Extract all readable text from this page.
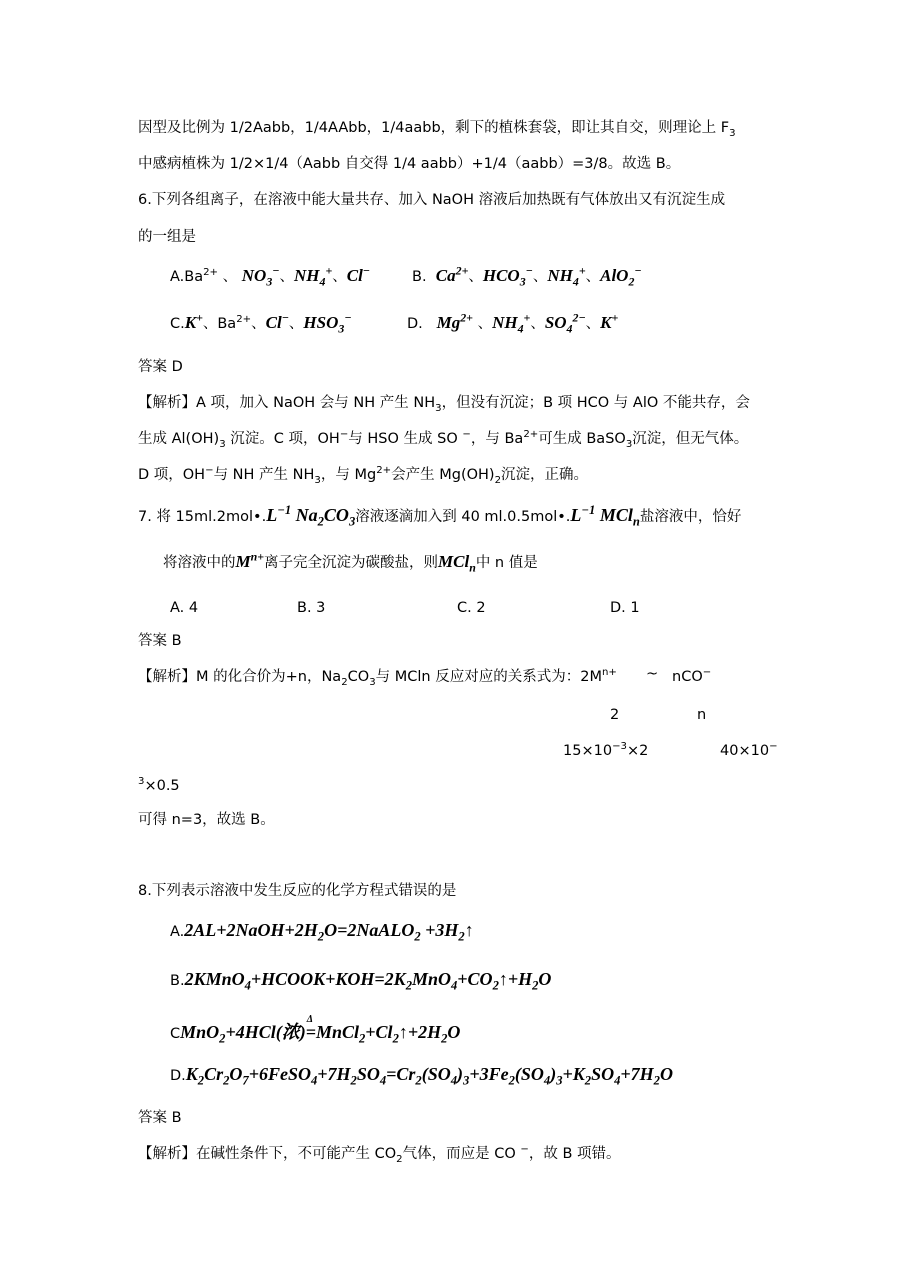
因型及比例为 1/2Aabb，1/4AAbb，1/4aabb，剩下的植株套袋，即让其自交，则理论上 $F_3$
中感病植株为 1/2×1/4（Aabb 自交得 1/4 aabb）+1/4（aabb）=3/8。故选 B。
6.下列各组离子，在溶液中能大量共存、加入 NaOH 溶液后加热既有气体放出又有沉淀生成
的一组是
$A.Ba^{2+}$ 、 $NO_3^-$、$NH_4^+$、Cl−	B. $Ca^{2+}$、$HCO_3^-$、$NH_4^+$、AlO$_2$−
C.K+、$Ba^{2+}$、Cl−、$HSO_3^-$	D. $Mg^{2+}$ 、$NH_4^+$、$SO_4^{2-}$、K+
答案 D
【解析】A 项，加入 NaOH 会与 NH 产生 $NH_3$，但没有沉淀；B 项 HCO 与 AlO 不能共存，会
生成 $Al(OH)_3$ 沉淀。C 项，OH−与 HSO 生成 SO −，与 $Ba^{2+}$可生成 BaSO$_3$沉淀，但无气体。
D 项，OH−与 NH 产生 $NH_3$，与 $Mg^{2+}$会产生 $Mg(OH)_2$沉淀，正确。
7. 将 $15ml.2mol•.L^{-1}$ $Na_2CO_3$溶液逐滴加入到 40 $ml.0.5mol•.L^{-1}$ MCl$_n$盐溶液中，恰好
将溶液中的$M^{n+}$离子完全沉淀为碳酸盐，则MCl$_n$中 n 值是
A. 4	B. 3	C. 2	D. 1
答案 B
【解析】M 的化合价为+n，$Na_2CO_3$与 MCln 反应对应的关系式为：$2M^{n+}$ ~ nCO−
2	n
$15\times 10^{-3}\times 2$	40×10−
$^3$×0.5
可得 n=3，故选 B。
8.下列表示溶液中发生反应的化学方程式错误的是
$A.2AL+2NaOH+2H_2O=2NaALO_2$ $+3H_2↑$
$B.2KMnO_4+HCOOK+KOH=2K_2MnO_4+CO_2↑+H_2O$
CMnO$_2$+4HCl(浓)
Δ
$=MnCl_2+Cl_2↑+2H_2O$
$D.K_2Cr_2O_7+6FeSO_4+7H_2SO_4=Cr_2(SO_4)_3+3Fe_2(SO_4)_3+K_2SO_4+7H_2O$
答案 B
【解析】在碱性条件下，不可能产生 $CO_2$气体，而应是 CO −，故 B 项错。
